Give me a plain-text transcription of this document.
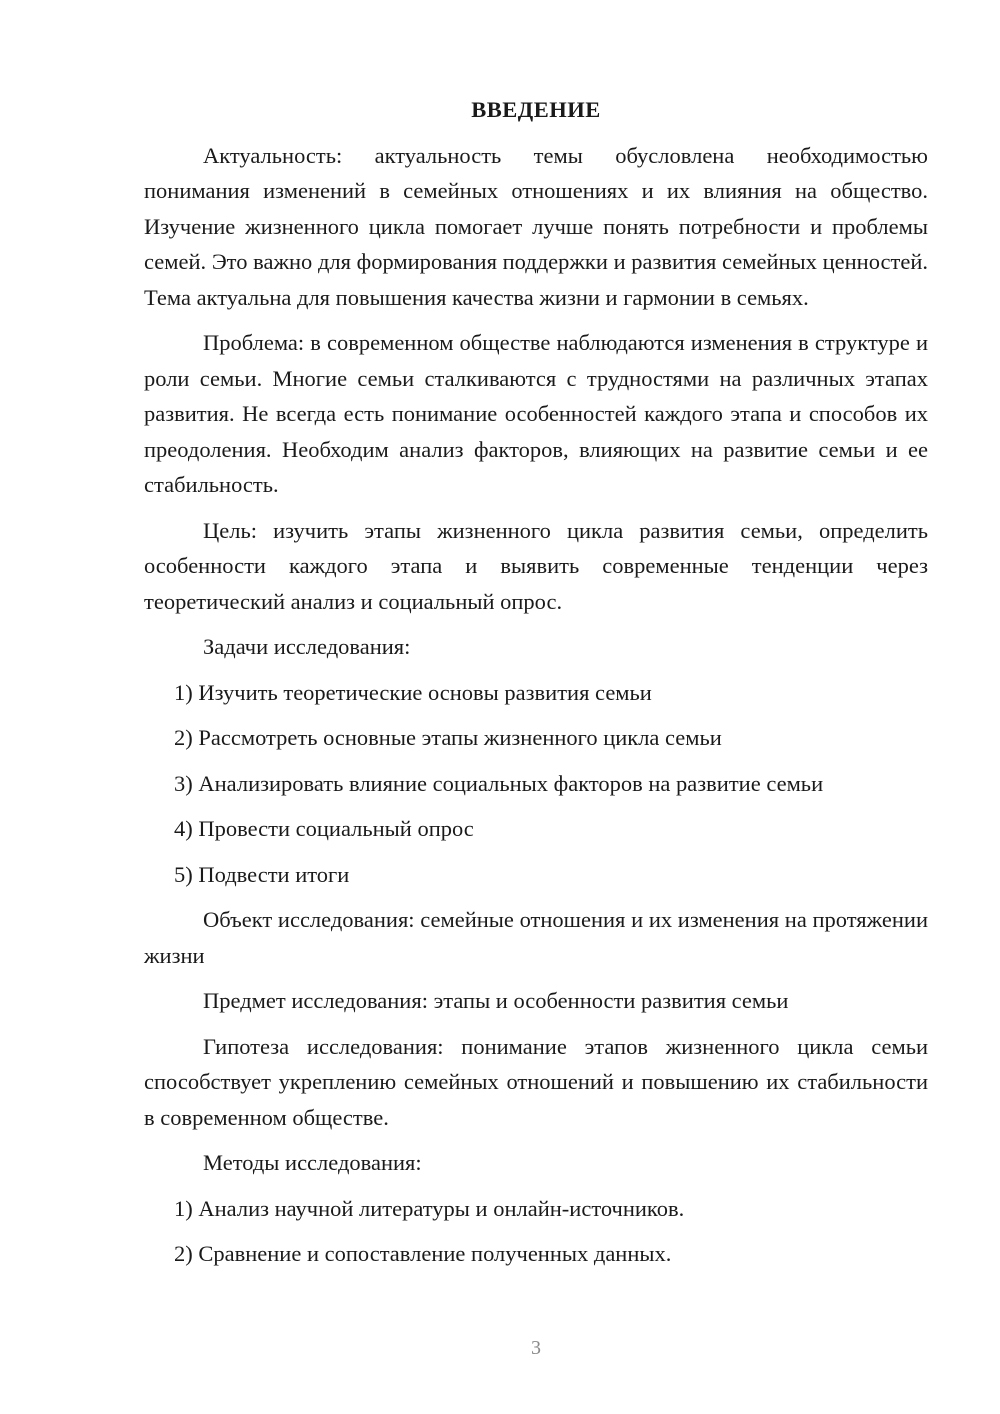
ВВЕДЕНИЕ

Актуальность: актуальность темы обусловлена необходимостью понимания изменений в семейных отношениях и их влияния на общество. Изучение жизненного цикла помогает лучше понять потребности и проблемы семей. Это важно для формирования поддержки и развития семейных ценностей. Тема актуальна для повышения качества жизни и гармонии в семьях.

Проблема: в современном обществе наблюдаются изменения в структуре и роли семьи. Многие семьи сталкиваются с трудностями на различных этапах развития. Не всегда есть понимание особенностей каждого этапа и способов их преодоления. Необходим анализ факторов, влияющих на развитие семьи и ее стабильность.

Цель: изучить этапы жизненного цикла развития семьи, определить особенности каждого этапа и выявить современные тенденции через теоретический анализ и социальный опрос.

Задачи исследования:

1) Изучить теоретические основы развития семьи

2) Рассмотреть основные этапы жизненного цикла семьи

3) Анализировать влияние социальных факторов на развитие семьи

4) Провести социальный опрос

5) Подвести итоги

Объект исследования: семейные отношения и их изменения на протяжении жизни

Предмет исследования: этапы и особенности развития семьи

Гипотеза исследования: понимание этапов жизненного цикла семьи способствует укреплению семейных отношений и повышению их стабильности в современном обществе.

Методы исследования:

1) Анализ научной литературы и онлайн-источников.

2) Сравнение и сопоставление полученных данных.

3
